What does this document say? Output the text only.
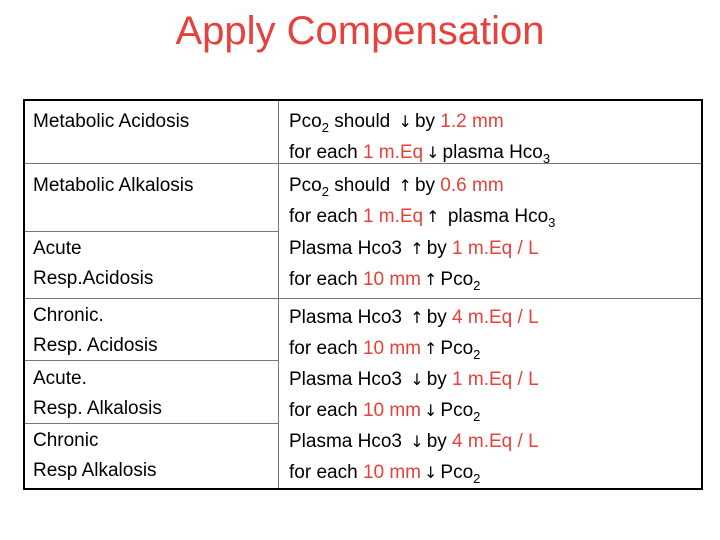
Apply Compensation
Metabolic Acidosis
Metabolic Alkalosis
Acute
Resp.Acidosis
Chronic.
Resp. Acidosis
Acute.
Resp. Alkalosis
Chronic
Resp Alkalosis
Pco$_2$ should ↓ by 1.2 mm
for each 1 m.Eq ↓ plasma Hco$_3$
Pco$_2$ should ↑ by 0.6 mm
for each 1 m.Eq ↑ plasma Hco$_3$
Plasma Hco3 ↑ by 1 m.Eq / L
for each 10 mm ↑ Pco$_2$
Plasma Hco3 ↑ by 4 m.Eq / L
for each 10 mm ↑ Pco$_2$
Plasma Hco3 ↓ by 1 m.Eq / L
for each 10 mm ↓ Pco$_2$
Plasma Hco3 ↓ by 4 m.Eq / L
for each 10 mm ↓ Pco$_2$
